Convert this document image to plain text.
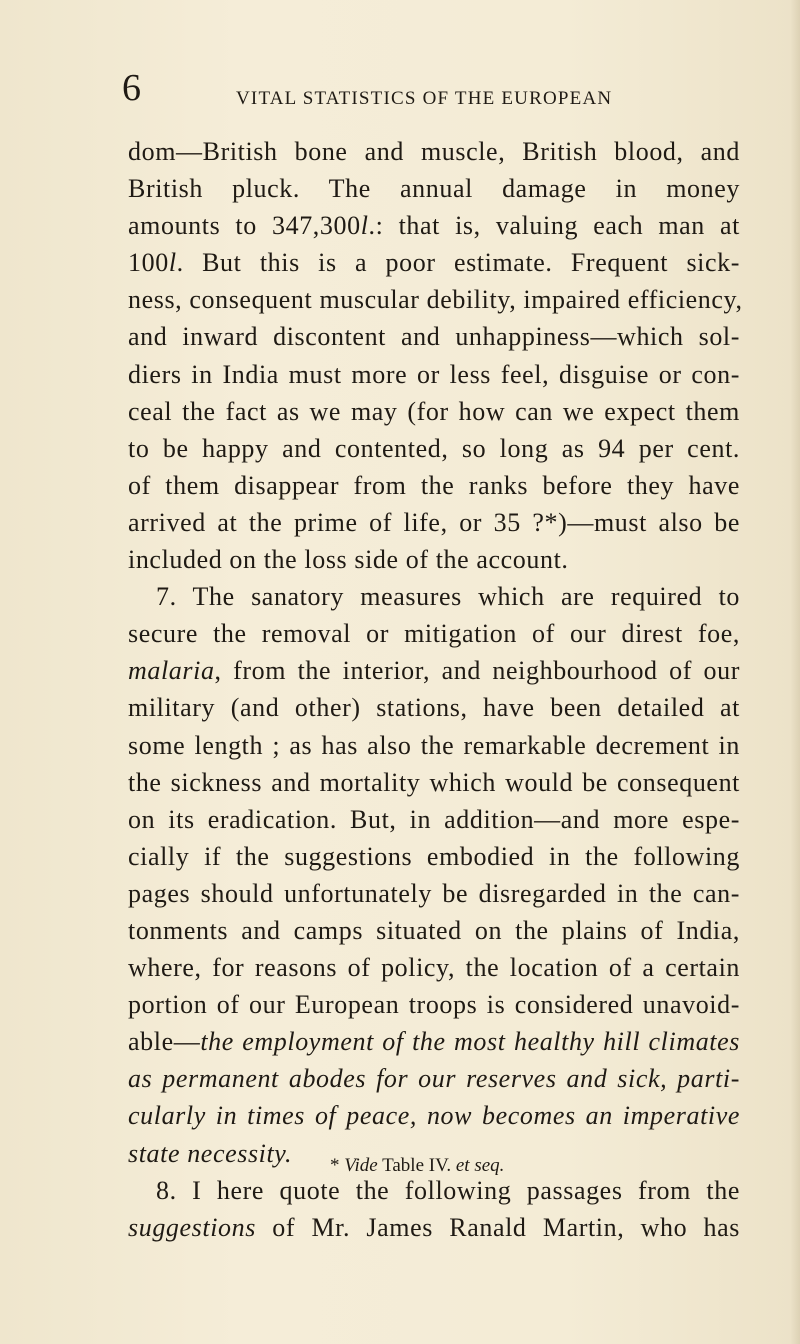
6	VITAL STATISTICS OF THE EUROPEAN
dom—British bone and muscle, British blood, and
British pluck. The annual damage in money
amounts to 347,300l.: that is, valuing each man at
100l. But this is a poor estimate. Frequent sick-
ness, consequent muscular debility, impaired efficiency,
and inward discontent and unhappiness—which sol-
diers in India must more or less feel, disguise or con-
ceal the fact as we may (for how can we expect them
to be happy and contented, so long as 94 per cent.
of them disappear from the ranks before they have
arrived at the prime of life, or 35 ?*)—must also be
included on the loss side of the account.
7. The sanatory measures which are required to
secure the removal or mitigation of our direst foe,
malaria, from the interior, and neighbourhood of our
military (and other) stations, have been detailed at
some length ; as has also the remarkable decrement in
the sickness and mortality which would be consequent
on its eradication. But, in addition—and more espe-
cially if the suggestions embodied in the following
pages should unfortunately be disregarded in the can-
tonments and camps situated on the plains of India,
where, for reasons of policy, the location of a certain
portion of our European troops is considered unavoid-
able—the employment of the most healthy hill climates
as permanent abodes for our reserves and sick, parti-
cularly in times of peace, now becomes an imperative
state necessity.
8. I here quote the following passages from the
suggestions of Mr. James Ranald Martin, who has
* Vide Table IV. et seq.
